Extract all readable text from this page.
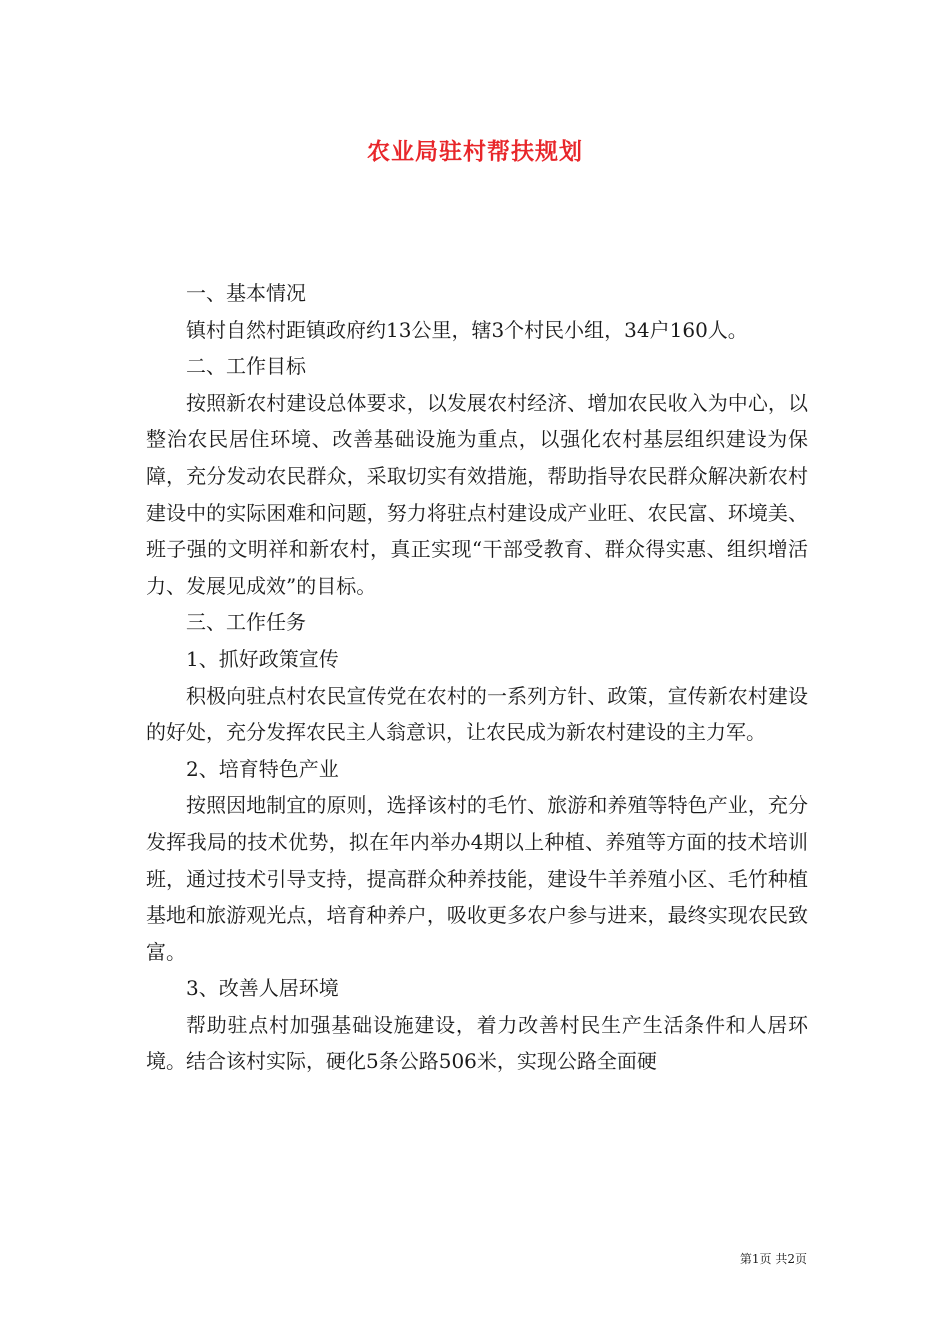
农业局驻村帮扶规划

一、基本情况

镇村自然村距镇政府约13公里，辖3个村民小组，34户160人。

二、工作目标

按照新农村建设总体要求，以发展农村经济、增加农民收入为中心，以整治农民居住环境、改善基础设施为重点，以强化农村基层组织建设为保障，充分发动农民群众，采取切实有效措施，帮助指导农民群众解决新农村建设中的实际困难和问题，努力将驻点村建设成产业旺、农民富、环境美、班子强的文明祥和新农村，真正实现“干部受教育、群众得实惠、组织增活力、发展见成效”的目标。

三、工作任务

1、抓好政策宣传

积极向驻点村农民宣传党在农村的一系列方针、政策，宣传新农村建设的好处，充分发挥农民主人翁意识，让农民成为新农村建设的主力军。

2、培育特色产业

按照因地制宜的原则，选择该村的毛竹、旅游和养殖等特色产业，充分发挥我局的技术优势，拟在年内举办4期以上种植、养殖等方面的技术培训班，通过技术引导支持，提高群众种养技能，建设牛羊养殖小区、毛竹种植基地和旅游观光点，培育种养户，吸收更多农户参与进来，最终实现农民致富。

3、改善人居环境

帮助驻点村加强基础设施建设，着力改善村民生产生活条件和人居环境。结合该村实际，硬化5条公路506米，实现公路全面硬

第1页 共2页
